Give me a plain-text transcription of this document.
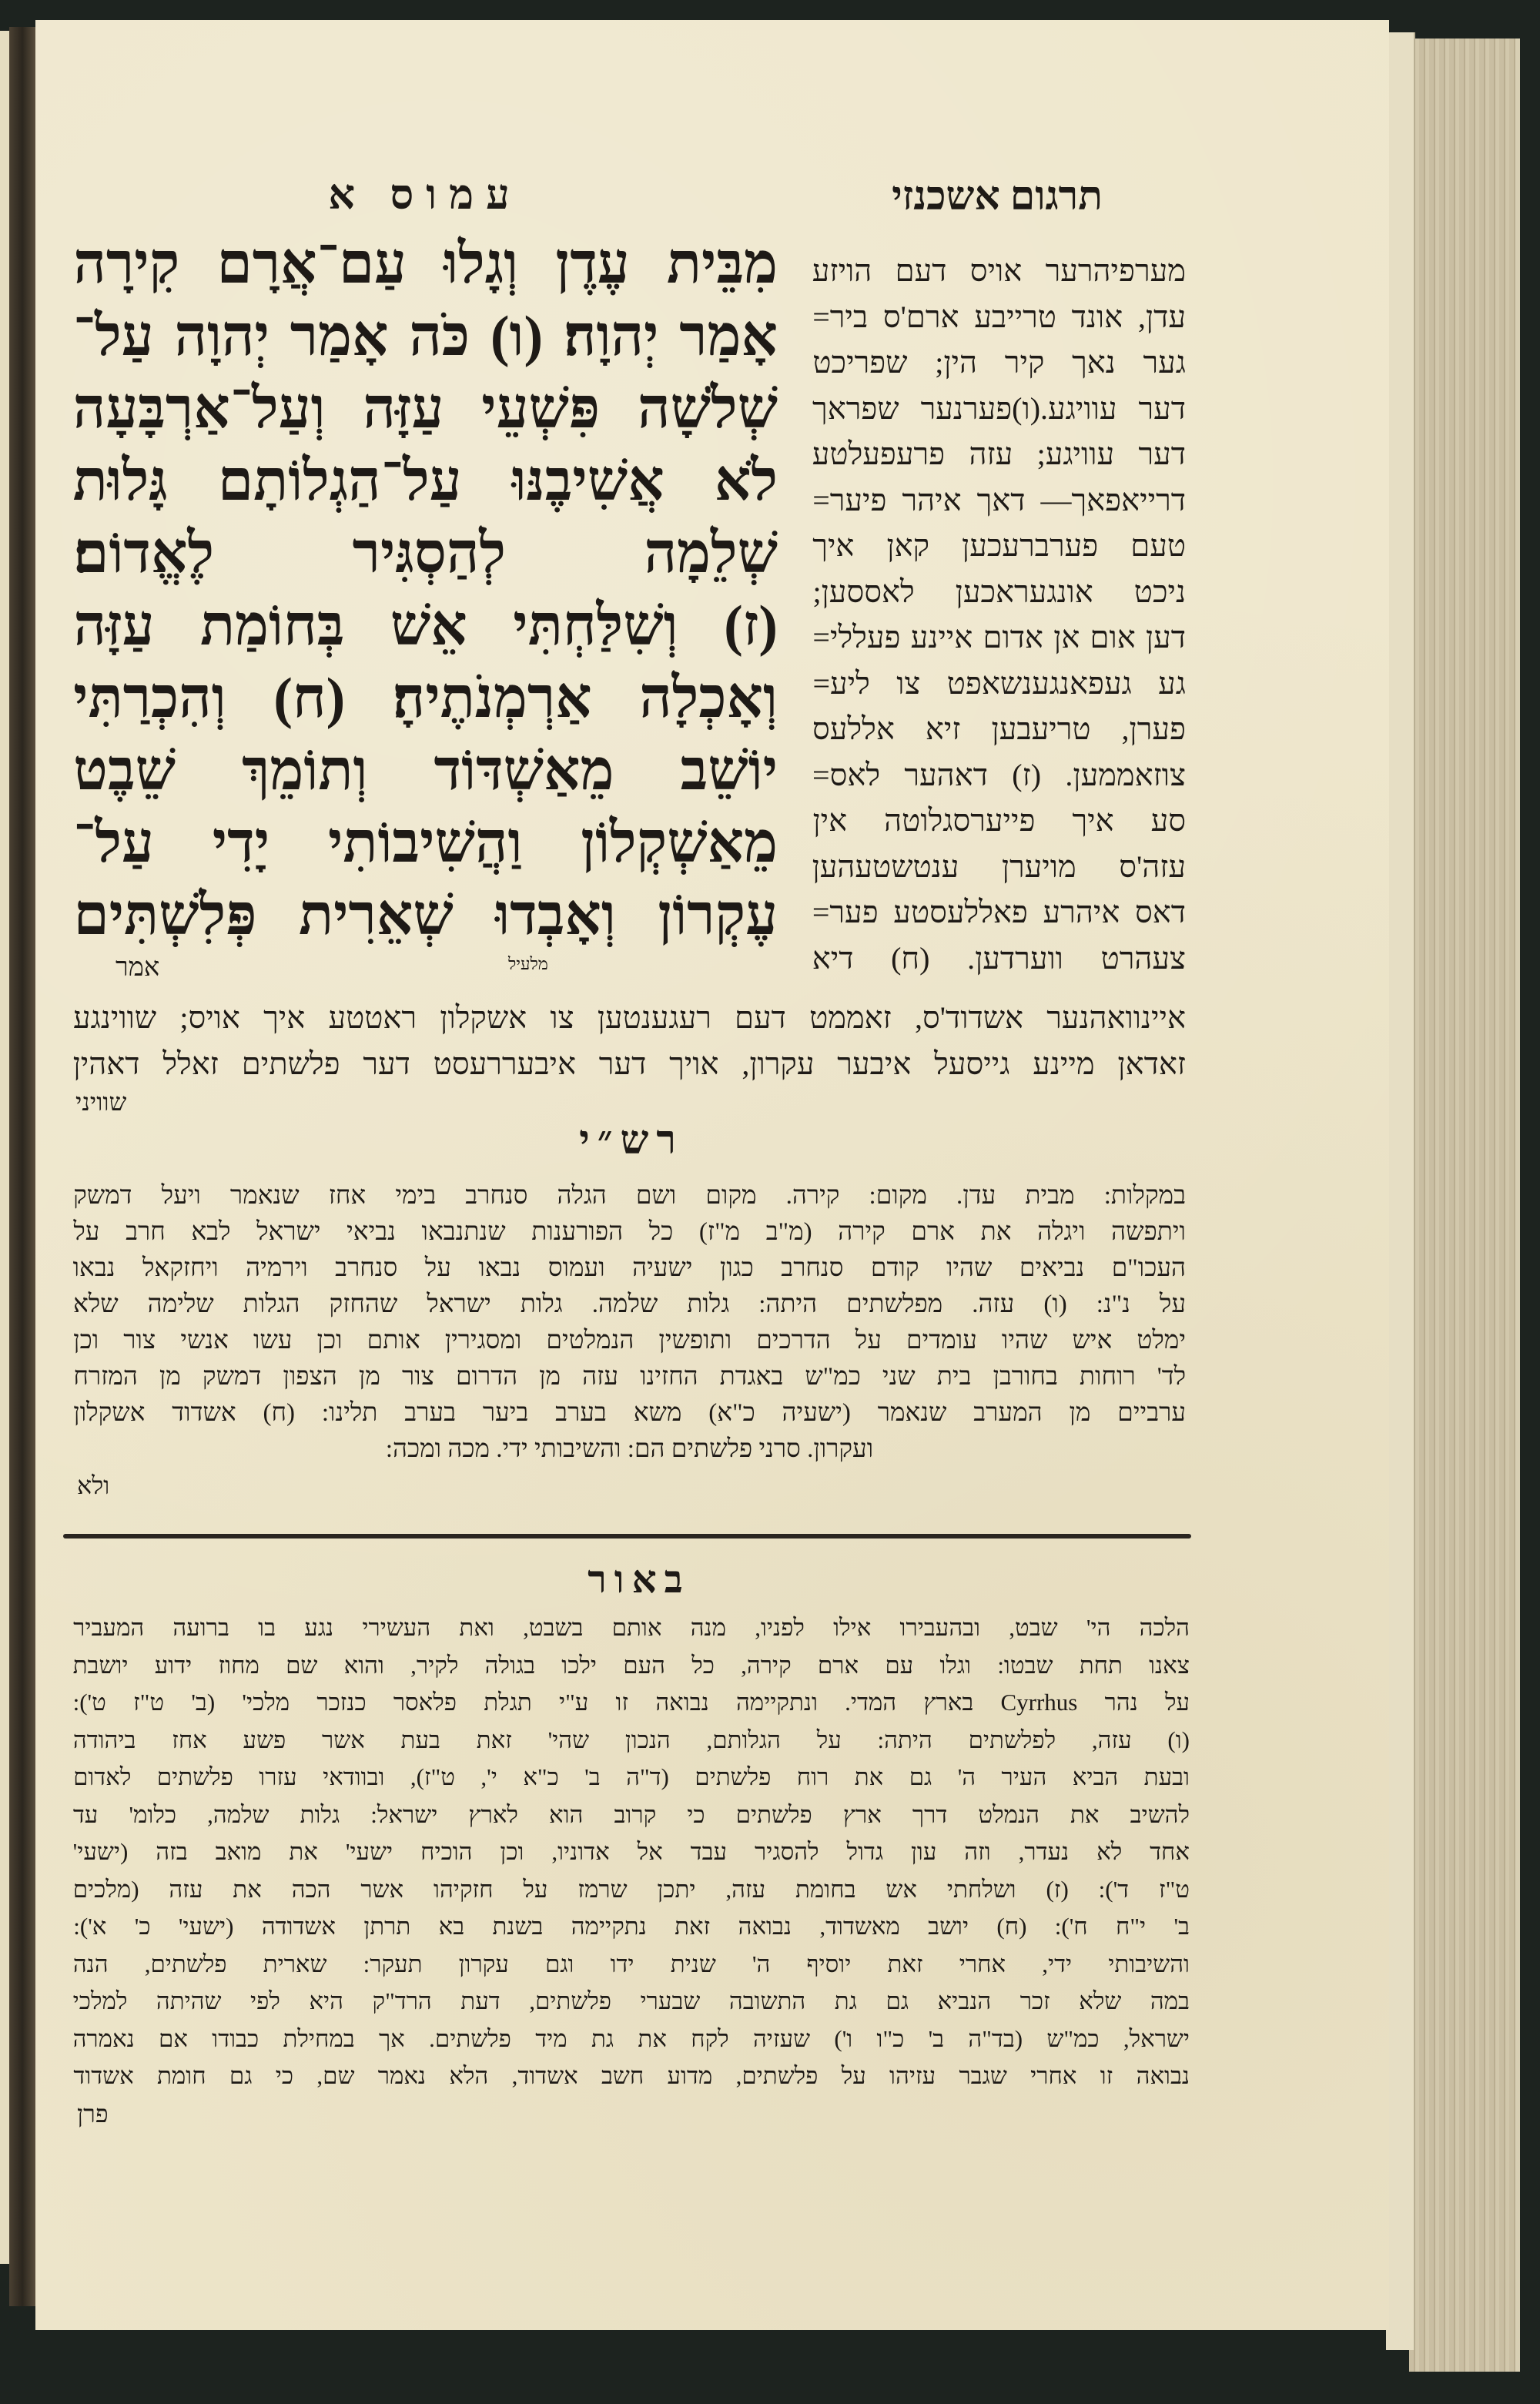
עמוס א	תרגום אשכנזי
מִבֵּית עֶדֶן וְגָלוּ עַם־אֲרָם קִירָה
אָמַר יְהוָה׃ (ו) כֹּה אָמַר יְהוָה עַל־
שְׁלֹשָׁה פִּשְׁעֵי עַזָּה וְעַל־אַרְבָּעָה
לֹא אֲשִׁיבֶנּוּ עַל־הַגְלוֹתָם גָּלוּת
שְׁלֵמָה לְהַסְגִּיר לֶאֱדוֹם׃
(ז) וְשִׁלַּחְתִּי אֵשׁ בְּחוֹמַת עַזָּה
וְאָכְלָה אַרְמְנֹתֶיהָ׃ (ח) וְהִכְרַתִּי
יוֹשֵׁב מֵאַשְׁדּוֹד וְתוֹמֵךְ שֵׁבֶט
מֵאַשְׁקְלוֹן וַהֲשִׁיבוֹתִי יָדִי עַל־
עֶקְרוֹן וְאָבְדוּ שְׁאֵרִית פְּלִשְׁתִּים
מערפיהרער אויס דעם הויזע
עדן, אונד טרייבע ארם'ס ביר=
גער נאך קיר הין; שפריכט
דער עוויגע.(ו)פערנער שפראך
דער עוויגע; עזה פרעפעלטע
דרייאפאך— דאך איהר פיער=
טעם פערברעכען קאן איך
ניכט אונגעראכען לאססען;
דען אום אן אדום איינע פעללי=
גע געפאנגענשאפט צו ליע=
פערן, טריעבען זיא אללעס
צוזאממען. (ז) דאהער לאס=
סע איך פייערסגלוטה אין
עזה'ס מויערן ענטשטעהען
דאס איהרע פאללעסטע פער=
צעהרט ווערדען. (ח) דיא
איינוואהנער אשדוד'ס, זאממט דעם רעגענטען צו אשקלון ראטטע איך אויס; שווינגע
זאדאן מיינע גייסעל איבער עקרון, אויך דער איבעררעסט דער פלשתים זאלל דאהין
מלעיל
אמר
שוויני
רש״י
במקלות: מבית עדן. מקום: קירה. מקום ושם הגלה סנחרב בימי אחז שנאמר ויעל דמשק
ויתפשה ויגלה את ארם קירה (מ"ב מ"ז) כל הפורענות שנתנבאו נביאי ישראל לבא חרב על
העכו"ם נביאים שהיו קודם סנחרב כגון ישעיה ועמוס נבאו על סנחרב וירמיה ויחזקאל נבאו
על נ"נ: (ו) עזה. מפלשתים היתה: גלות שלמה. גלות ישראל שהחזק הגלות שלימה שלא
ימלט איש שהיו עומדים על הדרכים ותופשין הנמלטים ומסגירין אותם וכן עשו אנשי צור וכן
לד' רוחות בחורבן בית שני כמ"ש באגדת החזינו עזה מן הדרום צור מן הצפון דמשק מן המזרח
ערביים מן המערב שנאמר (ישעיה כ"א) משא בערב ביער בערב תלינו: (ח) אשדוד אשקלון
ועקרון. סרני פלשתים הם: והשיבותי ידי. מכה ומכה:
ולא
באור
הלכה הי' שבט, ובהעבירו אילו לפניו, מנה אותם בשבט, ואת העשירי נגע בו ברועה המעביר
צאנו תחת שבטו: וגלו עם ארם קירה, כל העם ילכו בגולה לקיר, והוא שם מחוז ידוע יושבת
על נהר Cyrrhus בארץ המדי. ונתקיימה נבואה זו ע"י תגלת פלאסר כנזכר מלכי' (ב' ט"ז ט'):
(ו) עזה, לפלשתים היתה: על הגלותם, הנכון שהי' זאת בעת אשר פשע אחז ביהודה
ובעת הביא העיר ה' גם את רוח פלשתים (ד"ה ב' כ"א י', ט"ז), ובוודאי עזרו פלשתים לאדום
להשיב את הנמלט דרך ארץ פלשתים כי קרוב הוא לארץ ישראל: גלות שלמה, כלומ' עד
אחד לא נעדר, וזה עון גדול להסגיר עבד אל אדוניו, וכן הוכיח ישעי' את מואב בזה (ישעי'
ט"ז ד'): (ז) ושלחתי אש בחומת עזה, יתכן שרמז על חזקיהו אשר הכה את עזה (מלכים
ב' י"ח ח'): (ח) יושב מאשדוד, נבואה זאת נתקיימה בשנת בא תרתן אשדודה (ישעי' כ' א'):
והשיבותי ידי, אחרי זאת יוסיף ה' שנית ידו וגם עקרון תעקר: שארית פלשתים, הנה
במה שלא זכר הנביא גם גת התשובה שבערי פלשתים, דעת הרד"ק היא לפי שהיתה למלכי
ישראל, כמ"ש (בד"ה ב' כ"ו ו') שעזיה לקח את גת מיד פלשתים. אך במחילת כבודו אם נאמרה
נבואה זו אחרי שגבר עזיהו על פלשתים, מדוע חשב אשדוד, הלא נאמר שם, כי גם חומת אשדוד
פרן
